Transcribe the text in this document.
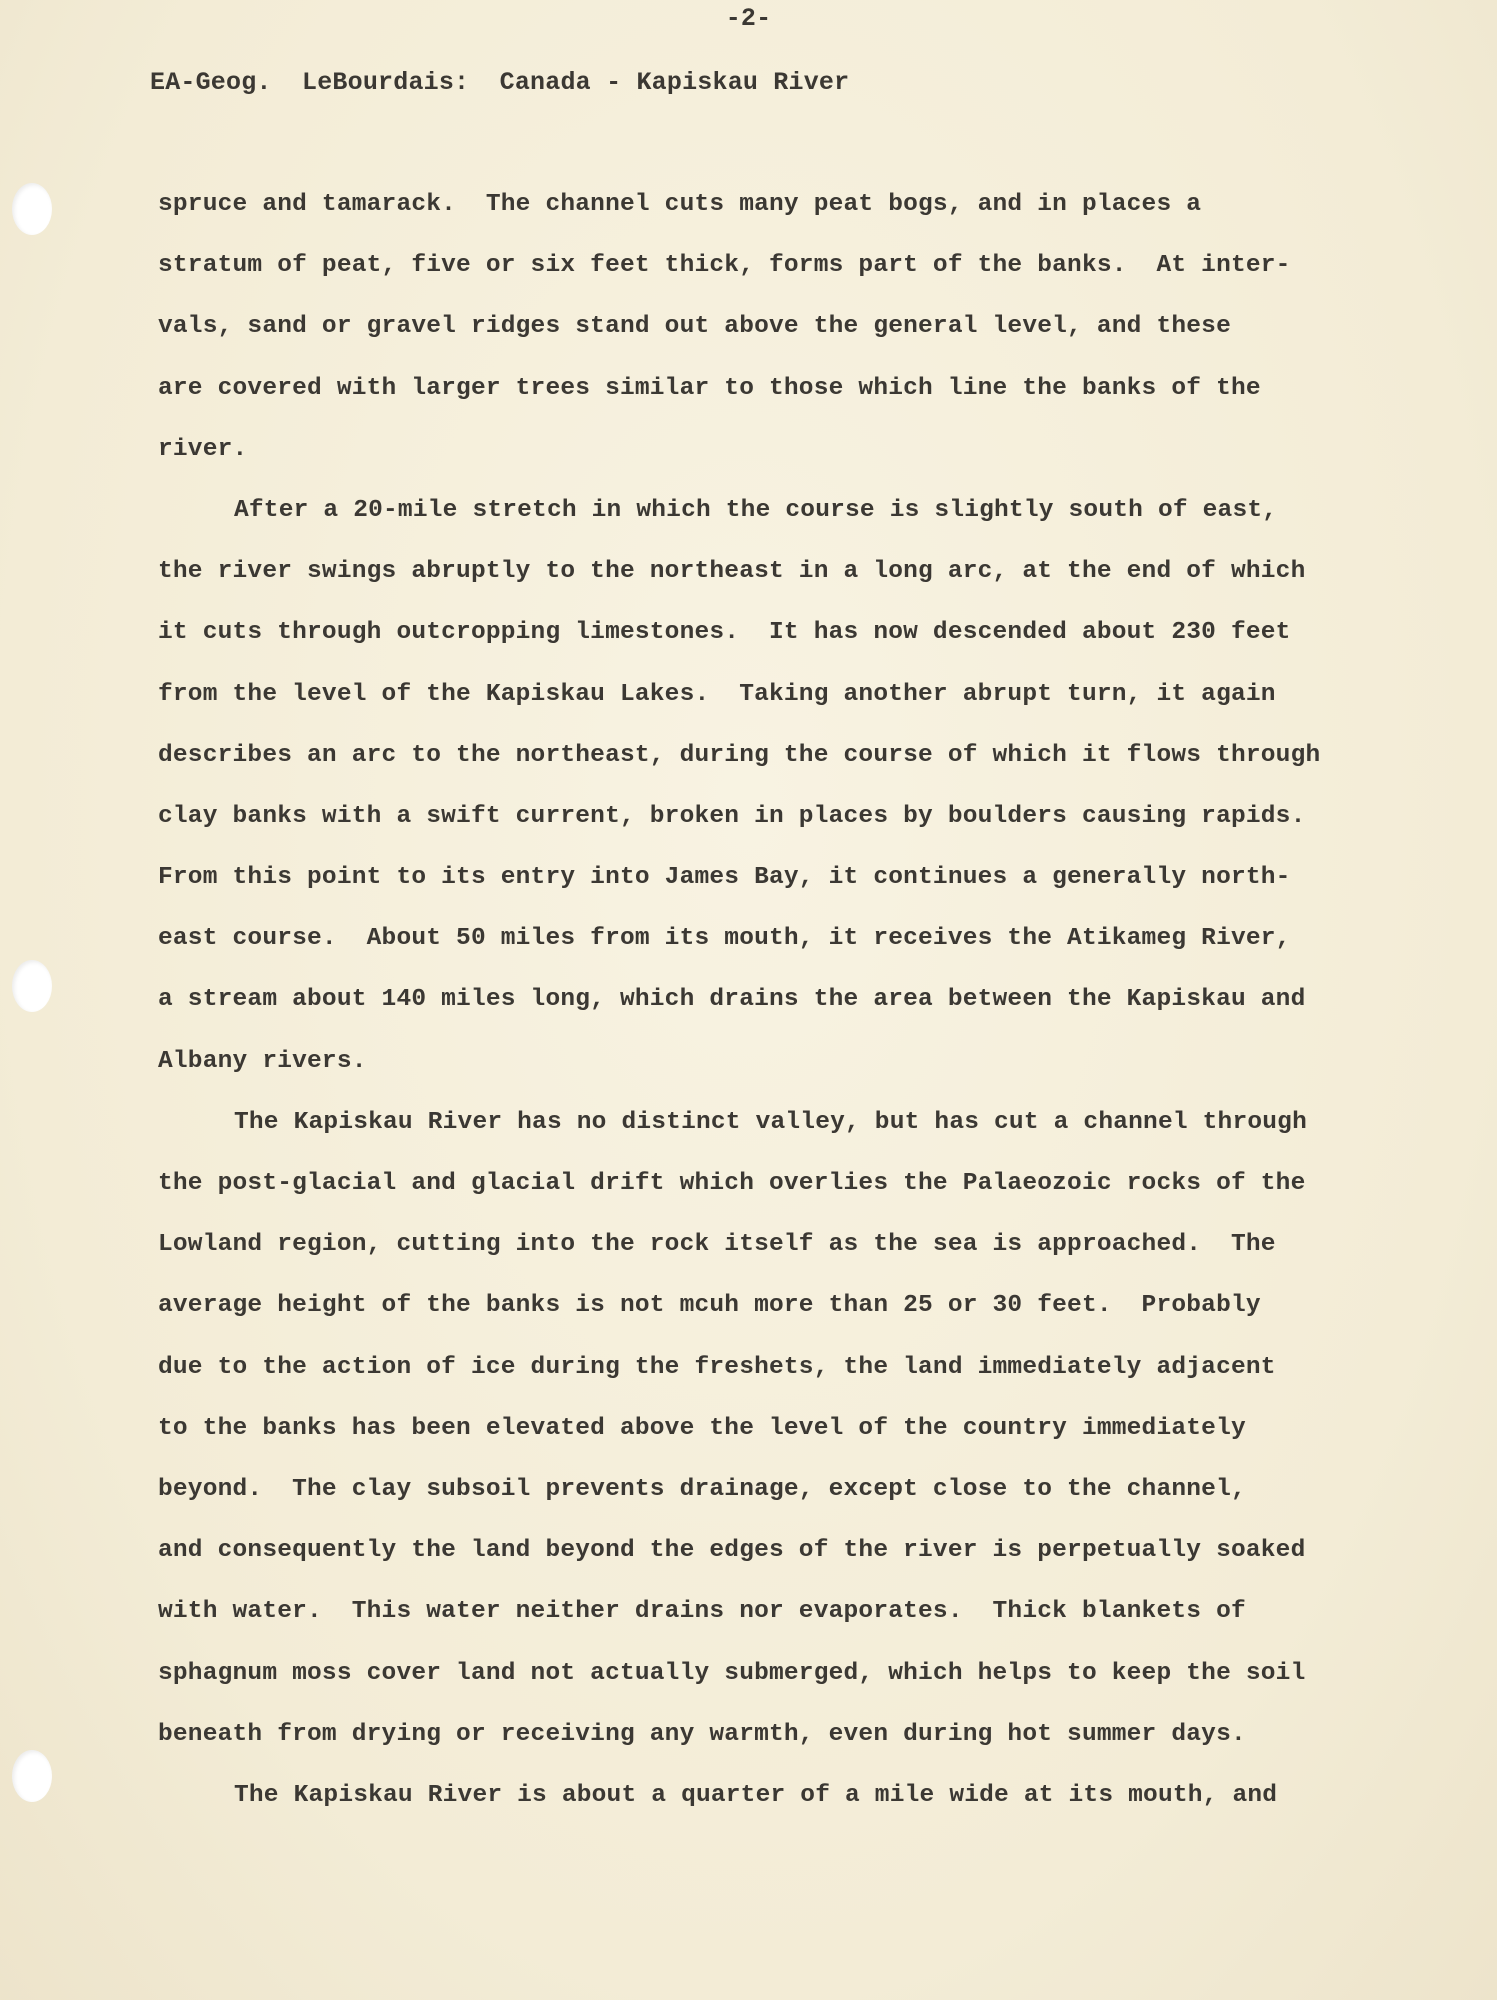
-2-
EA-Geog.  LeBourdais:  Canada - Kapiskau River
spruce and tamarack.  The channel cuts many peat bogs, and in places a
stratum of peat, five or six feet thick, forms part of the banks.  At inter-
vals, sand or gravel ridges stand out above the general level, and these
are covered with larger trees similar to those which line the banks of the
river.
After a 20-mile stretch in which the course is slightly south of east,
the river swings abruptly to the northeast in a long arc, at the end of which
it cuts through outcropping limestones.  It has now descended about 230 feet
from the level of the Kapiskau Lakes.  Taking another abrupt turn, it again
describes an arc to the northeast, during the course of which it flows through
clay banks with a swift current, broken in places by boulders causing rapids.
From this point to its entry into James Bay, it continues a generally north-
east course.  About 50 miles from its mouth, it receives the Atikameg River,
a stream about 140 miles long, which drains the area between the Kapiskau and
Albany rivers.
The Kapiskau River has no distinct valley, but has cut a channel through
the post-glacial and glacial drift which overlies the Palaeozoic rocks of the
Lowland region, cutting into the rock itself as the sea is approached.  The
average height of the banks is not mcuh more than 25 or 30 feet.  Probably
due to the action of ice during the freshets, the land immediately adjacent
to the banks has been elevated above the level of the country immediately
beyond.  The clay subsoil prevents drainage, except close to the channel,
and consequently the land beyond the edges of the river is perpetually soaked
with water.  This water neither drains nor evaporates.  Thick blankets of
sphagnum moss cover land not actually submerged, which helps to keep the soil
beneath from drying or receiving any warmth, even during hot summer days.
The Kapiskau River is about a quarter of a mile wide at its mouth, and
